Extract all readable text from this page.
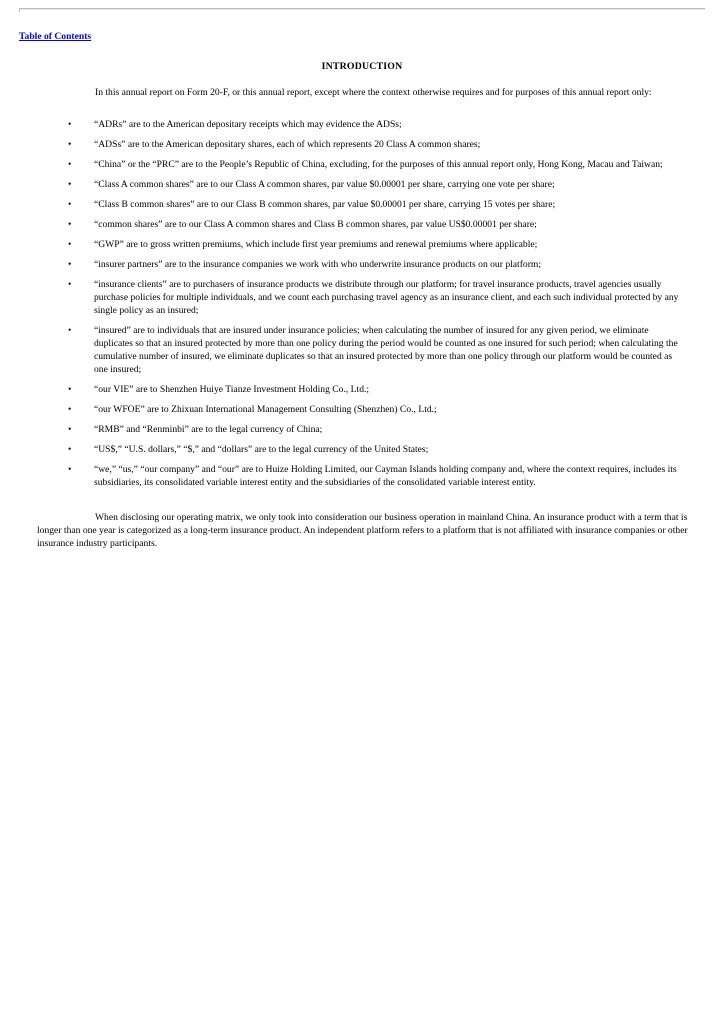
Table of Contents
INTRODUCTION

In this annual report on Form 20-F, or this annual report, except where the context otherwise requires and for purposes of this annual report only:

• “ADRs” are to the American depositary receipts which may evidence the ADSs;
• “ADSs” are to the American depositary shares, each of which represents 20 Class A common shares;
• “China” or the “PRC” are to the People’s Republic of China, excluding, for the purposes of this annual report only, Hong Kong, Macau and Taiwan;
• “Class A common shares” are to our Class A common shares, par value $0.00001 per share, carrying one vote per share;
• “Class B common shares” are to our Class B common shares, par value $0.00001 per share, carrying 15 votes per share;
• “common shares” are to our Class A common shares and Class B common shares, par value US$0.00001 per share;
• “GWP” are to gross written premiums, which include first year premiums and renewal premiums where applicable;
• “insurer partners” are to the insurance companies we work with who underwrite insurance products on our platform;
• “insurance clients” are to purchasers of insurance products we distribute through our platform; for travel insurance products, travel agencies usually purchase policies for multiple individuals, and we count each purchasing travel agency as an insurance client, and each such individual protected by any single policy as an insured;
• “insured” are to individuals that are insured under insurance policies; when calculating the number of insured for any given period, we eliminate duplicates so that an insured protected by more than one policy during the period would be counted as one insured for such period; when calculating the cumulative number of insured, we eliminate duplicates so that an insured protected by more than one policy through our platform would be counted as one insured;
• “our VIE” are to Shenzhen Huiye Tianze Investment Holding Co., Ltd.;
• “our WFOE” are to Zhixuan International Management Consulting (Shenzhen) Co., Ltd.;
• “RMB” and “Renminbi” are to the legal currency of China;
• “US$,” “U.S. dollars,” “$,” and “dollars” are to the legal currency of the United States;
• “we,” “us,” “our company” and “our” are to Huize Holding Limited, our Cayman Islands holding company and, where the context requires, includes its subsidiaries, its consolidated variable interest entity and the subsidiaries of the consolidated variable interest entity.

When disclosing our operating matrix, we only took into consideration our business operation in mainland China. An insurance product with a term that is longer than one year is categorized as a long-term insurance product. An independent platform refers to a platform that is not affiliated with insurance companies or other insurance industry participants.
